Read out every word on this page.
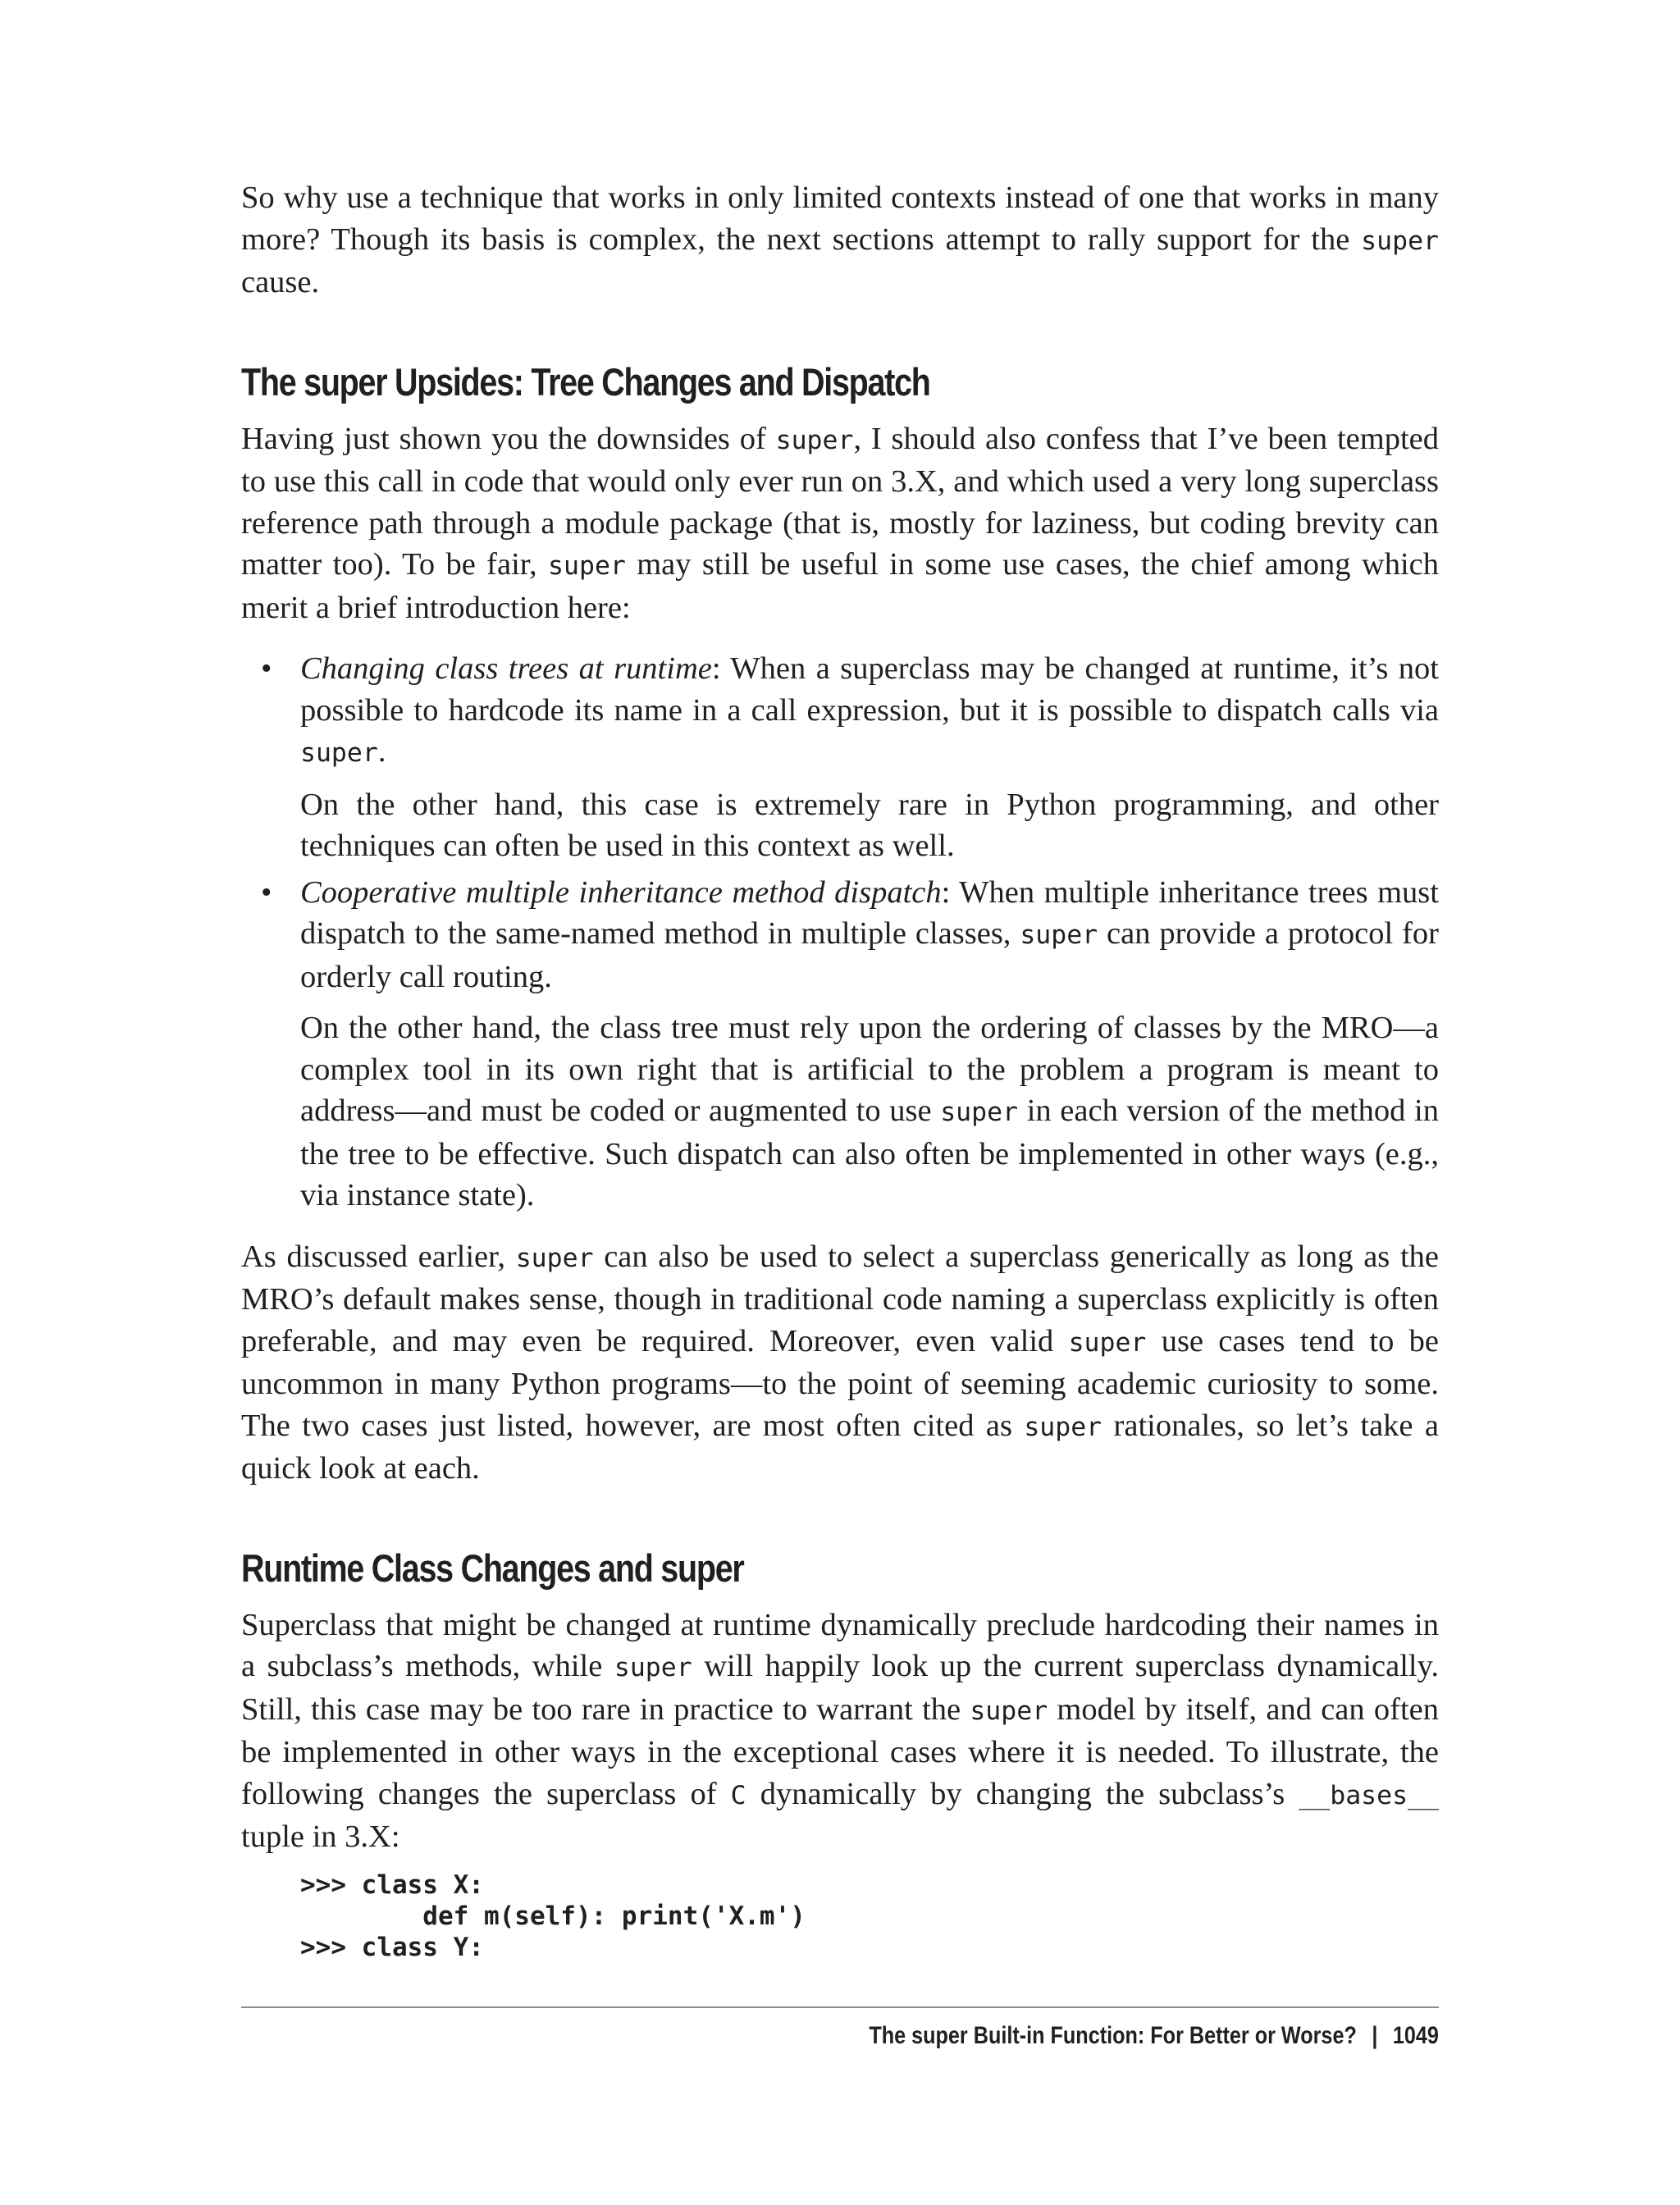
So why use a technique that works in only limited contexts instead of one that works in many more? Though its basis is complex, the next sections attempt to rally support for the super cause.

The super Upsides: Tree Changes and Dispatch

Having just shown you the downsides of super, I should also confess that I’ve been tempted to use this call in code that would only ever run on 3.X, and which used a very long superclass reference path through a module package (that is, mostly for laziness, but coding brevity can matter too). To be fair, super may still be useful in some use cases, the chief among which merit a brief introduction here:

• Changing class trees at runtime: When a superclass may be changed at runtime, it’s not possible to hardcode its name in a call expression, but it is possible to dispatch calls via super.

On the other hand, this case is extremely rare in Python programming, and other techniques can often be used in this context as well.

• Cooperative multiple inheritance method dispatch: When multiple inheritance trees must dispatch to the same-named method in multiple classes, super can provide a protocol for orderly call routing.

On the other hand, the class tree must rely upon the ordering of classes by the MRO—a complex tool in its own right that is artificial to the problem a program is meant to address—and must be coded or augmented to use super in each version of the method in the tree to be effective. Such dispatch can also often be implemented in other ways (e.g., via instance state).

As discussed earlier, super can also be used to select a superclass generically as long as the MRO’s default makes sense, though in traditional code naming a superclass explicitly is often preferable, and may even be required. Moreover, even valid super use cases tend to be uncommon in many Python programs—to the point of seeming academic curiosity to some. The two cases just listed, however, are most often cited as super rationales, so let’s take a quick look at each.

Runtime Class Changes and super

Superclass that might be changed at runtime dynamically preclude hardcoding their names in a subclass’s methods, while super will happily look up the current superclass dynamically. Still, this case may be too rare in practice to warrant the super model by itself, and can often be implemented in other ways in the exceptional cases where it is needed. To illustrate, the following changes the superclass of C dynamically by changing the subclass’s __bases__ tuple in 3.X:

>>> class X:
def m(self): print('X.m')
>>> class Y:
The super Built-in Function: For Better or Worse? | 1049
